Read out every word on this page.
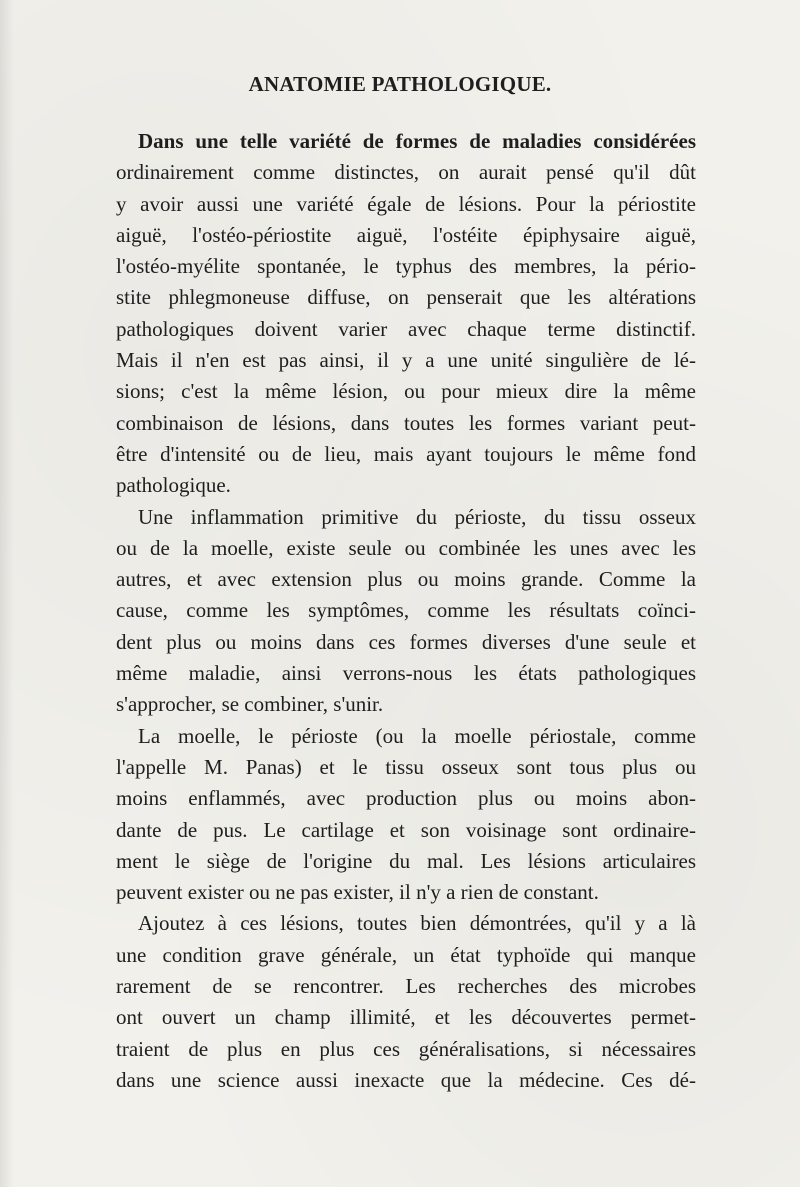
ANATOMIE PATHOLOGIQUE.
Dans une telle variété de formes de maladies considérées
ordinairement comme distinctes, on aurait pensé qu'il dût
y avoir aussi une variété égale de lésions. Pour la périostite
aiguë, l'ostéo-périostite aiguë, l'ostéite épiphysaire aiguë,
l'ostéo-myélite spontanée, le typhus des membres, la pério-
stite phlegmoneuse diffuse, on penserait que les altérations
pathologiques doivent varier avec chaque terme distinctif.
Mais il n'en est pas ainsi, il y a une unité singulière de lé-
sions; c'est la même lésion, ou pour mieux dire la même
combinaison de lésions, dans toutes les formes variant peut-
être d'intensité ou de lieu, mais ayant toujours le même fond
pathologique.
Une inflammation primitive du périoste, du tissu osseux
ou de la moelle, existe seule ou combinée les unes avec les
autres, et avec extension plus ou moins grande. Comme la
cause, comme les symptômes, comme les résultats coïnci-
dent plus ou moins dans ces formes diverses d'une seule et
même maladie, ainsi verrons-nous les états pathologiques
s'approcher, se combiner, s'unir.
La moelle, le périoste (ou la moelle périostale, comme
l'appelle M. Panas) et le tissu osseux sont tous plus ou
moins enflammés, avec production plus ou moins abon-
dante de pus. Le cartilage et son voisinage sont ordinaire-
ment le siège de l'origine du mal. Les lésions articulaires
peuvent exister ou ne pas exister, il n'y a rien de constant.
Ajoutez à ces lésions, toutes bien démontrées, qu'il y a là
une condition grave générale, un état typhoïde qui manque
rarement de se rencontrer. Les recherches des microbes
ont ouvert un champ illimité, et les découvertes permet-
traient de plus en plus ces généralisations, si nécessaires
dans une science aussi inexacte que la médecine. Ces dé-
